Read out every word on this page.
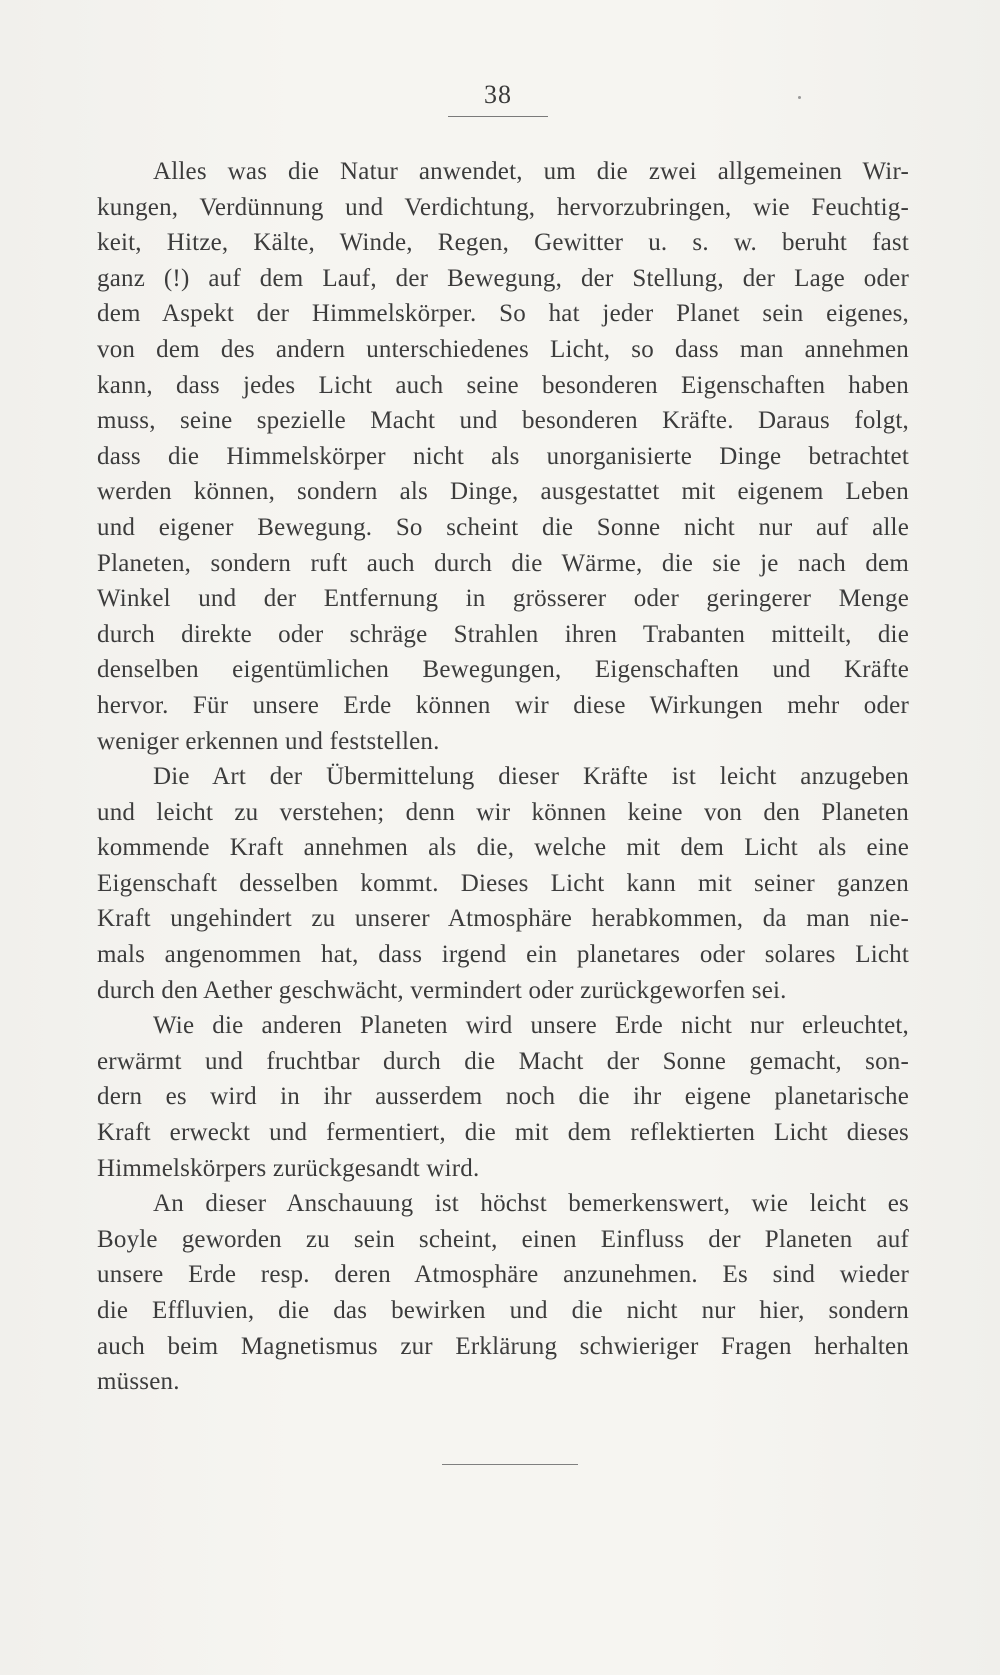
38
Alles was die Natur anwendet, um die zwei allgemeinen Wir-
kungen, Verdünnung und Verdichtung, hervorzubringen, wie Feuchtig-
keit, Hitze, Kälte, Winde, Regen, Gewitter u. s. w. beruht fast
ganz (!) auf dem Lauf, der Bewegung, der Stellung, der Lage oder
dem Aspekt der Himmelskörper. So hat jeder Planet sein eigenes,
von dem des andern unterschiedenes Licht, so dass man annehmen
kann, dass jedes Licht auch seine besonderen Eigenschaften haben
muss, seine spezielle Macht und besonderen Kräfte. Daraus folgt,
dass die Himmelskörper nicht als unorganisierte Dinge betrachtet
werden können, sondern als Dinge, ausgestattet mit eigenem Leben
und eigener Bewegung. So scheint die Sonne nicht nur auf alle
Planeten, sondern ruft auch durch die Wärme, die sie je nach dem
Winkel und der Entfernung in grösserer oder geringerer Menge
durch direkte oder schräge Strahlen ihren Trabanten mitteilt, die
denselben eigentümlichen Bewegungen, Eigenschaften und Kräfte
hervor. Für unsere Erde können wir diese Wirkungen mehr oder
weniger erkennen und feststellen.
Die Art der Übermittelung dieser Kräfte ist leicht anzugeben
und leicht zu verstehen; denn wir können keine von den Planeten
kommende Kraft annehmen als die, welche mit dem Licht als eine
Eigenschaft desselben kommt. Dieses Licht kann mit seiner ganzen
Kraft ungehindert zu unserer Atmosphäre herabkommen, da man nie-
mals angenommen hat, dass irgend ein planetares oder solares Licht
durch den Aether geschwächt, vermindert oder zurückgeworfen sei.
Wie die anderen Planeten wird unsere Erde nicht nur erleuchtet,
erwärmt und fruchtbar durch die Macht der Sonne gemacht, son-
dern es wird in ihr ausserdem noch die ihr eigene planetarische
Kraft erweckt und fermentiert, die mit dem reflektierten Licht dieses
Himmelskörpers zurückgesandt wird.
An dieser Anschauung ist höchst bemerkenswert, wie leicht es
Boyle geworden zu sein scheint, einen Einfluss der Planeten auf
unsere Erde resp. deren Atmosphäre anzunehmen. Es sind wieder
die Effluvien, die das bewirken und die nicht nur hier, sondern
auch beim Magnetismus zur Erklärung schwieriger Fragen herhalten
müssen.
